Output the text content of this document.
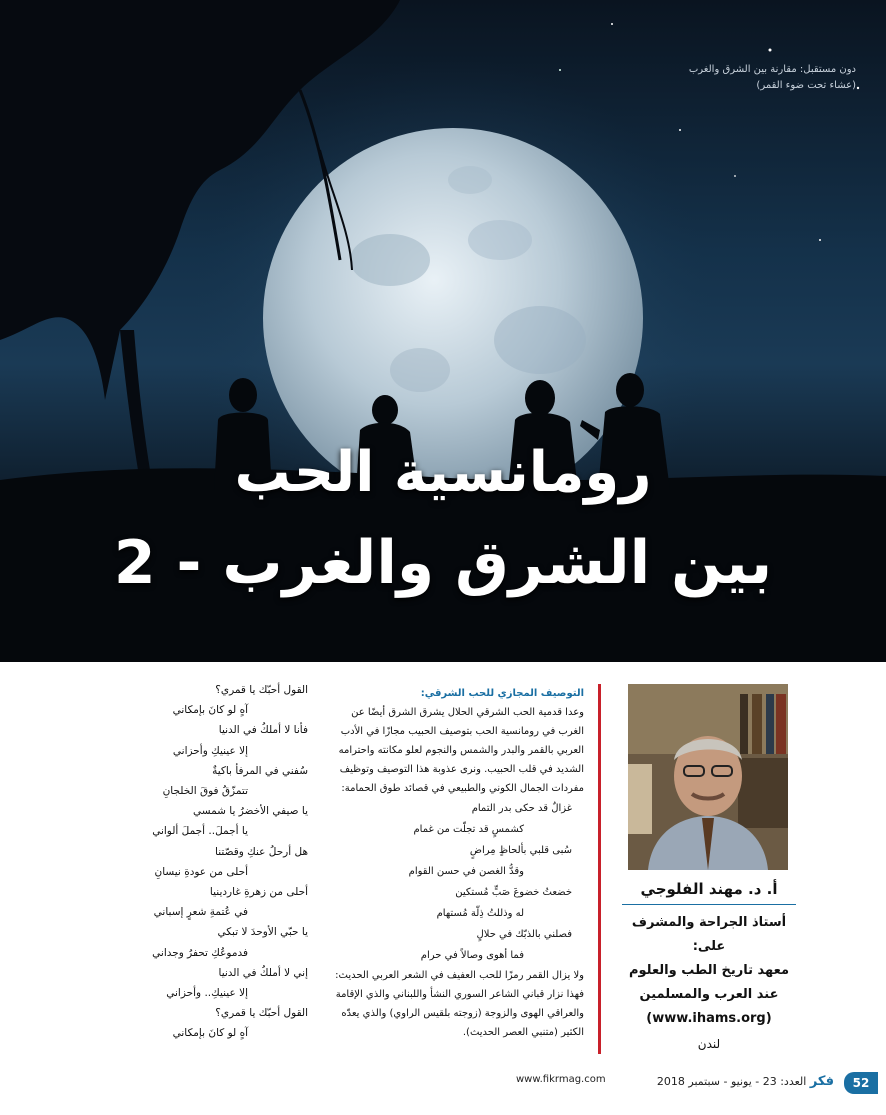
دون مستقبل: مقارنة بين الشرق والغرب
(عشاء تحت ضوء القمر)
رومانسية الحب
بين الشرق والغرب - 2
أ. د. مهند الفلوجي
أستاذ الجراحة والمشرف على:
معهد تاريخ الطب والعلوم
عند العرب والمسلمين
(www.ihams.org)
لندن
التوصيف المجازي للحب الشرقي:
وعدا قدمية الحب الشرقي الحلال يشرق الشرق أيضًا عن الغرب في رومانسية الحب بتوصيف الحبيب مجازًا في الأدب العربي بالقمر والبدر والشمس والنجوم لعلو مكانته واحترامه الشديد في قلب الحبيب. ونرى عذوبة هذا التوصيف وتوظيف مفردات الجمال الكوني والطبيعي في قصائد طوق الحمامة:
غزالٌ قد حكى بدر التمام
كشمسٍ قد تجلّت من غمام
سُبى قلبي بألحاظٍ مِراضٍ
وقدُّ الغصن في حسن القوام
خضعتُ خضوعَ صَبٍّ مُستكين
له وذللتُ ذِلّة مُستهام
فصلني بالذبّك في حلالٍ
فما أهوى وصالاً في حرام
ولا يزال القمر رمزًا للحب العفيف في الشعر العربي الحديث: فهذا نزار قباني الشاعر السوري النشأ واللبناني والذي الإقامة والعراقي الهوى والزوجة (زوجته بلقيس الراوي) والذي يعدّه الكثير (متنبي العصر الحديث).
القول أحبّك يا قمري؟
آهٍ لو كانَ بإمكاني
فأنا لا أملكُ في الدنيا
إلا عينيكِ وأحزاني
سُفني في المرفأ باكيةٌ
تتمزّقُ فوقَ الخلجانِ
يا صيفي الأخضرُ يا شمسي
يا أجملَ.. أجملَ ألواني
هل أرحلُ عنكِ وقصّتنا
أحلى من عودةِ نيسانِ
أحلى من زهرةِ غاردينيا
في عُتمةِ شعرٍ إسباني
يا حبّي الأوحدَ لا تبكي
فدموعُكِ تحفرُ وجداني
إني لا أملكُ في الدنيا
إلا عينيكِ.. وأحزاني
القول أحبّك يا قمري؟
آهٍ لو كانَ بإمكاني
52
فكر العدد: 23 - يونيو - سبتمبر 2018
www.fikrmag.com
